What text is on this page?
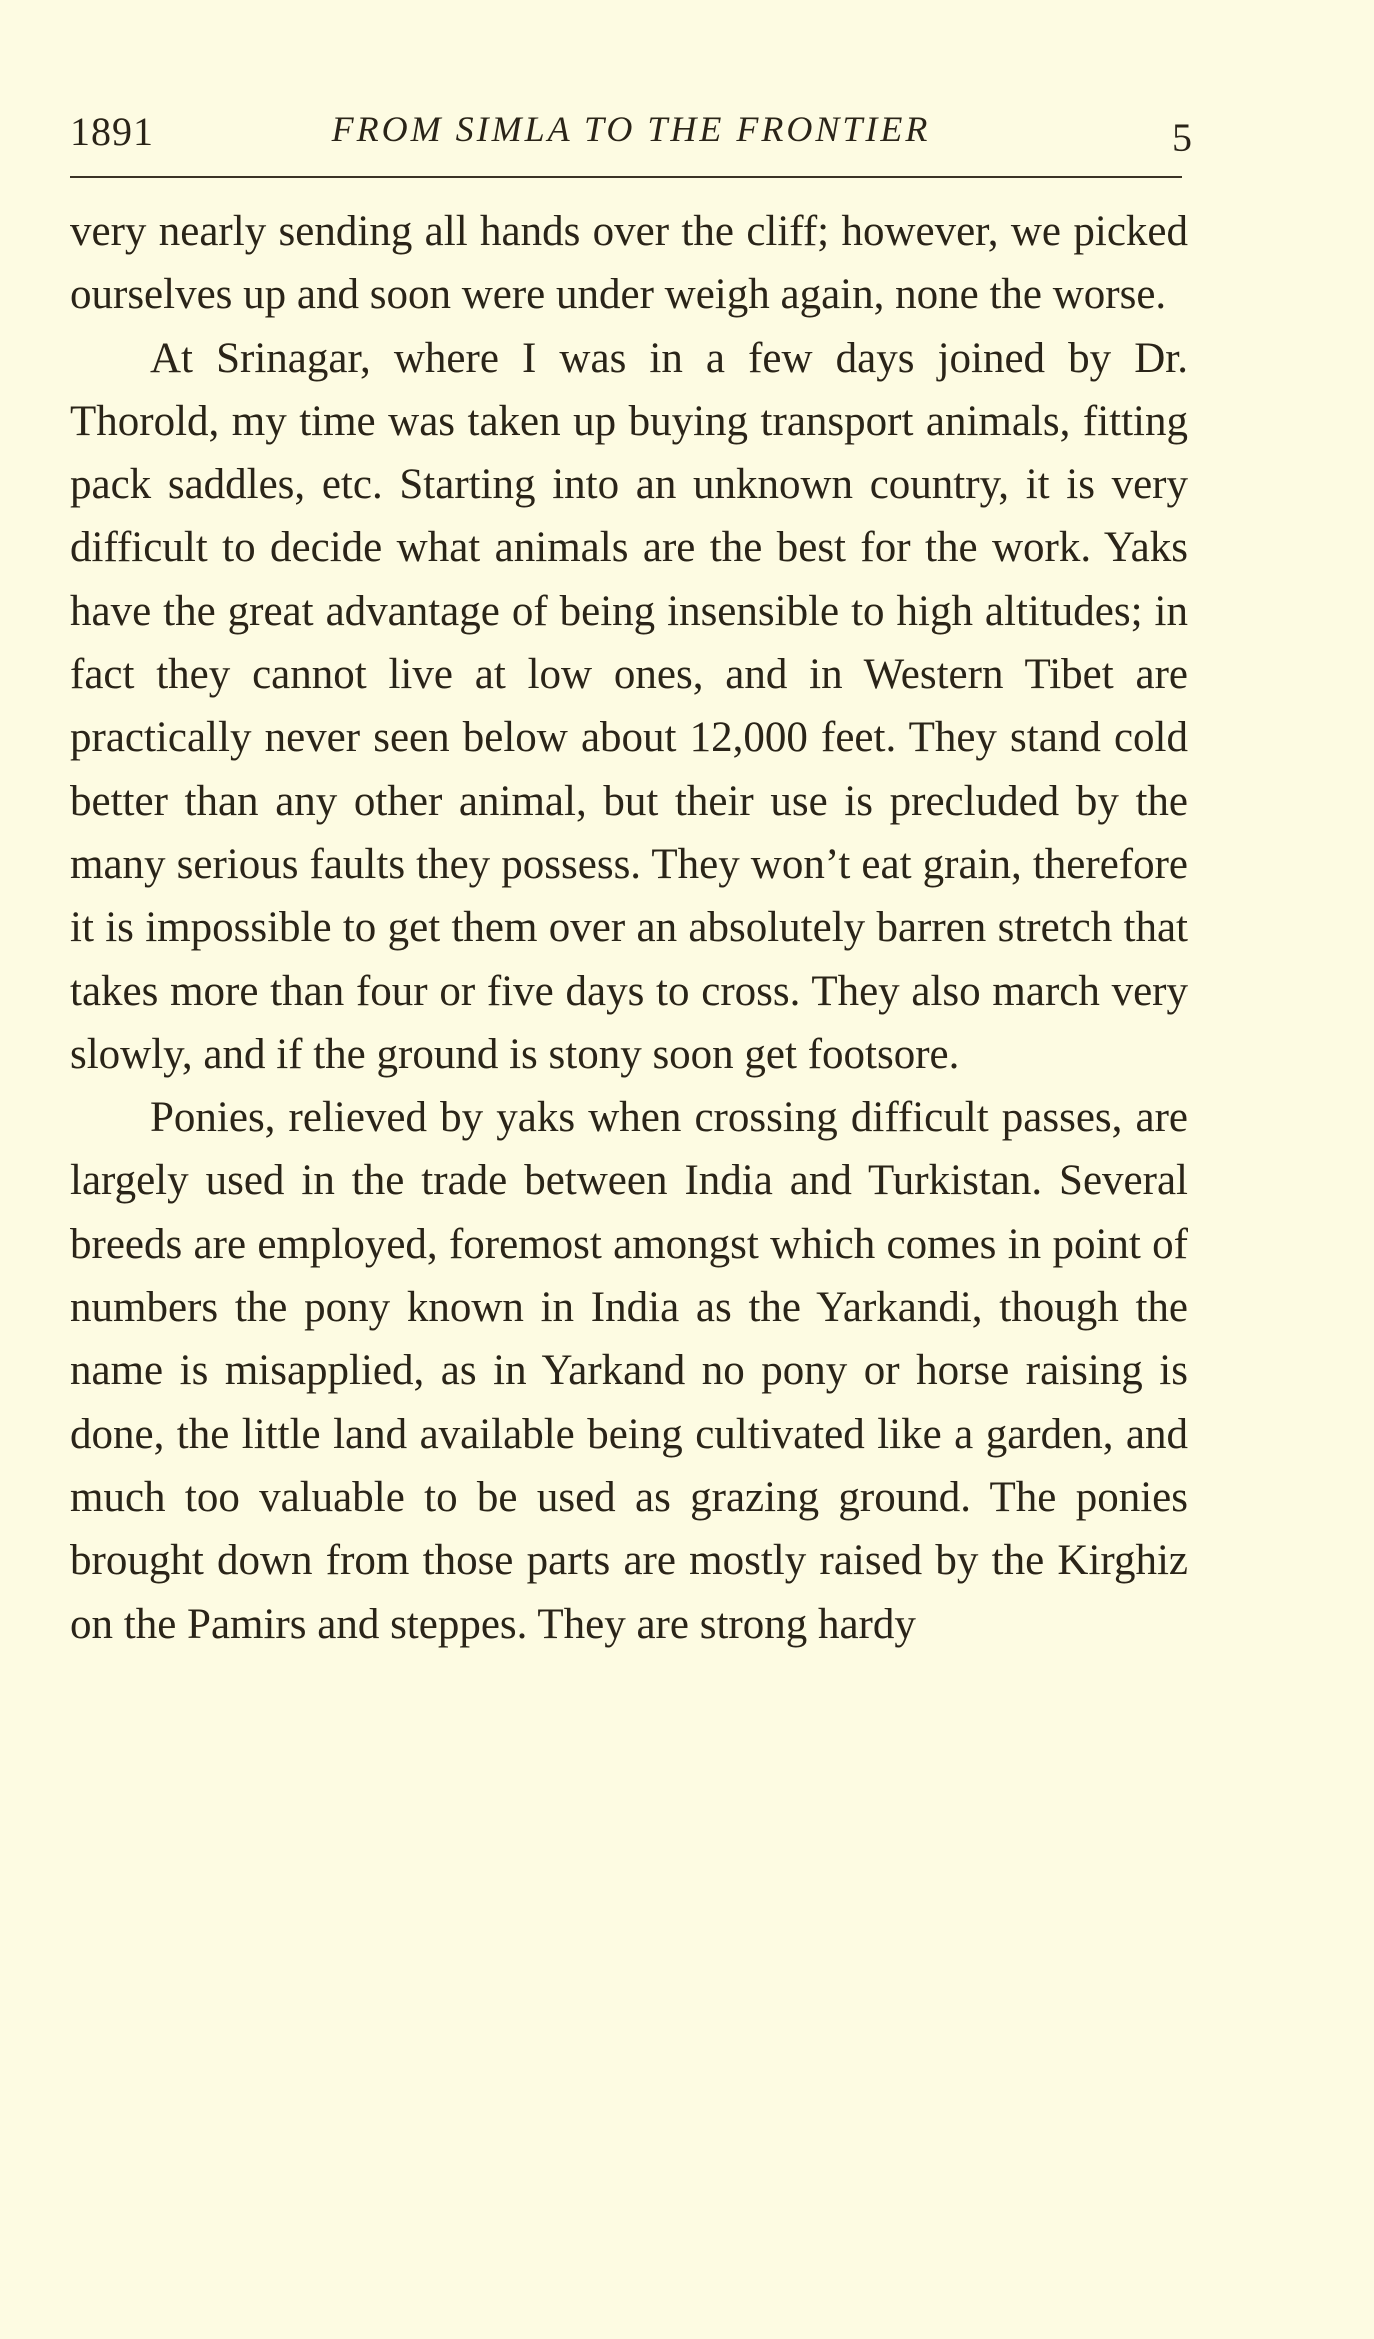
1891	FROM SIMLA TO THE FRONTIER	5

very nearly sending all hands over the cliff; however, we picked ourselves up and soon were under weigh again, none the worse.

At Srinagar, where I was in a few days joined by Dr. Thorold, my time was taken up buying transport animals, fitting pack saddles, etc. Starting into an unknown country, it is very difficult to decide what animals are the best for the work. Yaks have the great advantage of being insensible to high altitudes; in fact they cannot live at low ones, and in Western Tibet are practically never seen below about 12,000 feet. They stand cold better than any other animal, but their use is precluded by the many serious faults they possess. They won’t eat grain, therefore it is impossible to get them over an absolutely barren stretch that takes more than four or five days to cross. They also march very slowly, and if the ground is stony soon get footsore.

Ponies, relieved by yaks when crossing difficult passes, are largely used in the trade between India and Turkistan. Several breeds are employed, foremost amongst which comes in point of numbers the pony known in India as the Yarkandi, though the name is misapplied, as in Yarkand no pony or horse raising is done, the little land available being cultivated like a garden, and much too valuable to be used as grazing ground. The ponies brought down from those parts are mostly raised by the Kirghiz on the Pamirs and steppes. They are strong hardy
